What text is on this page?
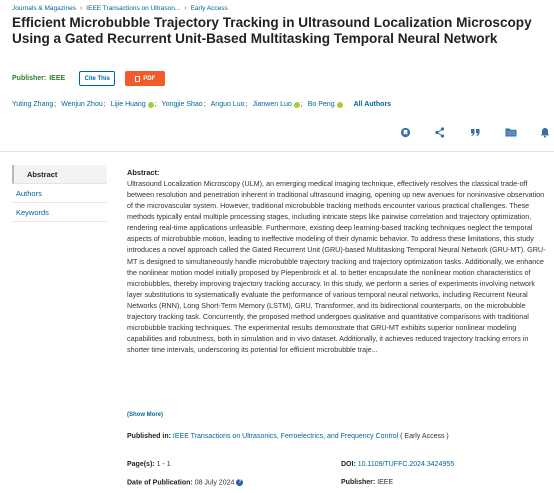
Journals & Magazines › IEEE Transactions on Ultrason... › Early Access
Efficient Microbubble Trajectory Tracking in Ultrasound Localization Microscopy Using a Gated Recurrent Unit-Based Multitasking Temporal Neural Network
Publisher: IEEE	Cite This	PDF
Yuting Zhang ; Wenjun Zhou ; Lijie Huang ; Yongjie Shao ; Anguo Luo ; Jianwen Luo ; Bo Peng	All Authors
Abstract
Authors
Keywords
Abstract:

Ultrasound Localization Microscopy (ULM), an emerging medical imaging technique, effectively resolves the classical trade-off between resolution and penetration inherent in traditional ultrasound imaging, opening up new avenues for noninvasive observation of the microvascular system. However, traditional microbubble tracking methods encounter various practical challenges. These methods typically entail multiple processing stages, including intricate steps like pairwise correlation and trajectory optimization, rendering real-time applications unfeasible. Furthermore, existing deep learning-based tracking techniques neglect the temporal aspects of microbubble motion, leading to ineffective modeling of their dynamic behavior. To address these limitations, this study introduces a novel approach called the Gated Recurrent Unit (GRU)-based Multitasking Temporal Neural Network (GRU-MT). GRU-MT is designed to simultaneously handle microbubble trajectory tracking and trajectory optimization tasks. Additionally, we enhance the nonlinear motion model initially proposed by Piepenbrock et al. to better encapsulate the nonlinear motion characteristics of microbubbles, thereby improving trajectory tracking accuracy. In this study, we perform a series of experiments involving network layer substitutions to systematically evaluate the performance of various temporal neural networks, including Recurrent Neural Networks (RNN), Long Short-Term Memory (LSTM), GRU, Transformer, and its bidirectional counterparts, on the microbubble trajectory tracking task. Concurrently, the proposed method undergoes qualitative and quantitative comparisons with traditional microbubble tracking techniques. The experimental results demonstrate that GRU-MT exhibits superior nonlinear modeling capabilities and robustness, both in simulation and in vivo dataset. Additionally, it achieves reduced trajectory tracking errors in shorter time intervals, underscoring its potential for efficient microbubble traje...

(Show More)
Published in: IEEE Transactions on Ultrasonics, Ferroelectrics, and Frequency Control ( Early Access )
Page(s): 1 - 1	DOI: 10.1109/TUFFC.2024.3424955
Date of Publication: 08 July 2024 ?	Publisher: IEEE
